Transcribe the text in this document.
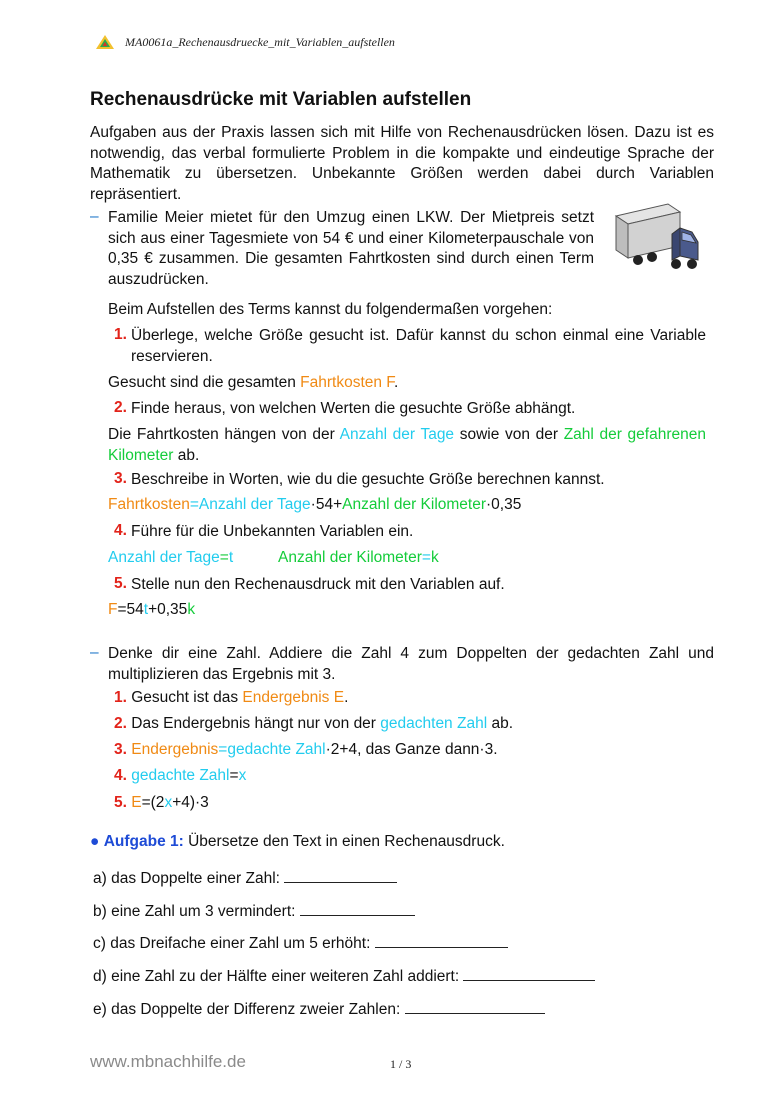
MA0061a_Rechenausdruecke_mit_Variablen_aufstellen
Rechenausdrücke mit Variablen aufstellen
Aufgaben aus der Praxis lassen sich mit Hilfe von Rechenausdrücken lösen. Dazu ist es notwendig, das verbal formulierte Problem in die kompakte und eindeutige Sprache der Mathematik zu übersetzen. Unbekannte Größen werden dabei durch Variablen repräsentiert.
– Familie Meier mietet für den Umzug einen LKW. Der Mietpreis setzt sich aus einer Tagesmiete von 54 € und einer Kilometerpauschale von 0,35 € zusammen. Die gesamten Fahrtkosten sind durch einen Term auszudrücken.
Beim Aufstellen des Terms kannst du folgendermaßen vorgehen:
1. Überlege, welche Größe gesucht ist. Dafür kannst du schon einmal eine Variable reservieren.
Gesucht sind die gesamten Fahrtkosten F.
2. Finde heraus, von welchen Werten die gesuchte Größe abhängt.
Die Fahrtkosten hängen von der Anzahl der Tage sowie von der Zahl der gefahrenen Kilometer ab.
3. Beschreibe in Worten, wie du die gesuchte Größe berechnen kannst.
Fahrtkosten=Anzahl der Tage·54+Anzahl der Kilometer·0,35
4. Führe für die Unbekannten Variablen ein.
Anzahl der Tage=t	Anzahl der Kilometer=k
5. Stelle nun den Rechenausdruck mit den Variablen auf.
F=54t+0,35k
– Denke dir eine Zahl. Addiere die Zahl 4 zum Doppelten der gedachten Zahl und multiplizieren das Ergebnis mit 3.
1. Gesucht ist das Endergebnis E.
2. Das Endergebnis hängt nur von der gedachten Zahl ab.
3. Endergebnis=gedachte Zahl·2+4, das Ganze dann·3.
4. gedachte Zahl=x
5. E=(2x+4)·3
● Aufgabe 1: Übersetze den Text in einen Rechenausdruck.
a) das Doppelte einer Zahl:
b) eine Zahl um 3 vermindert:
c) das Dreifache einer Zahl um 5 erhöht:
d) eine Zahl zu der Hälfte einer weiteren Zahl addiert:
e) das Doppelte der Differenz zweier Zahlen:
www.mbnachhilfe.de	1 / 3
